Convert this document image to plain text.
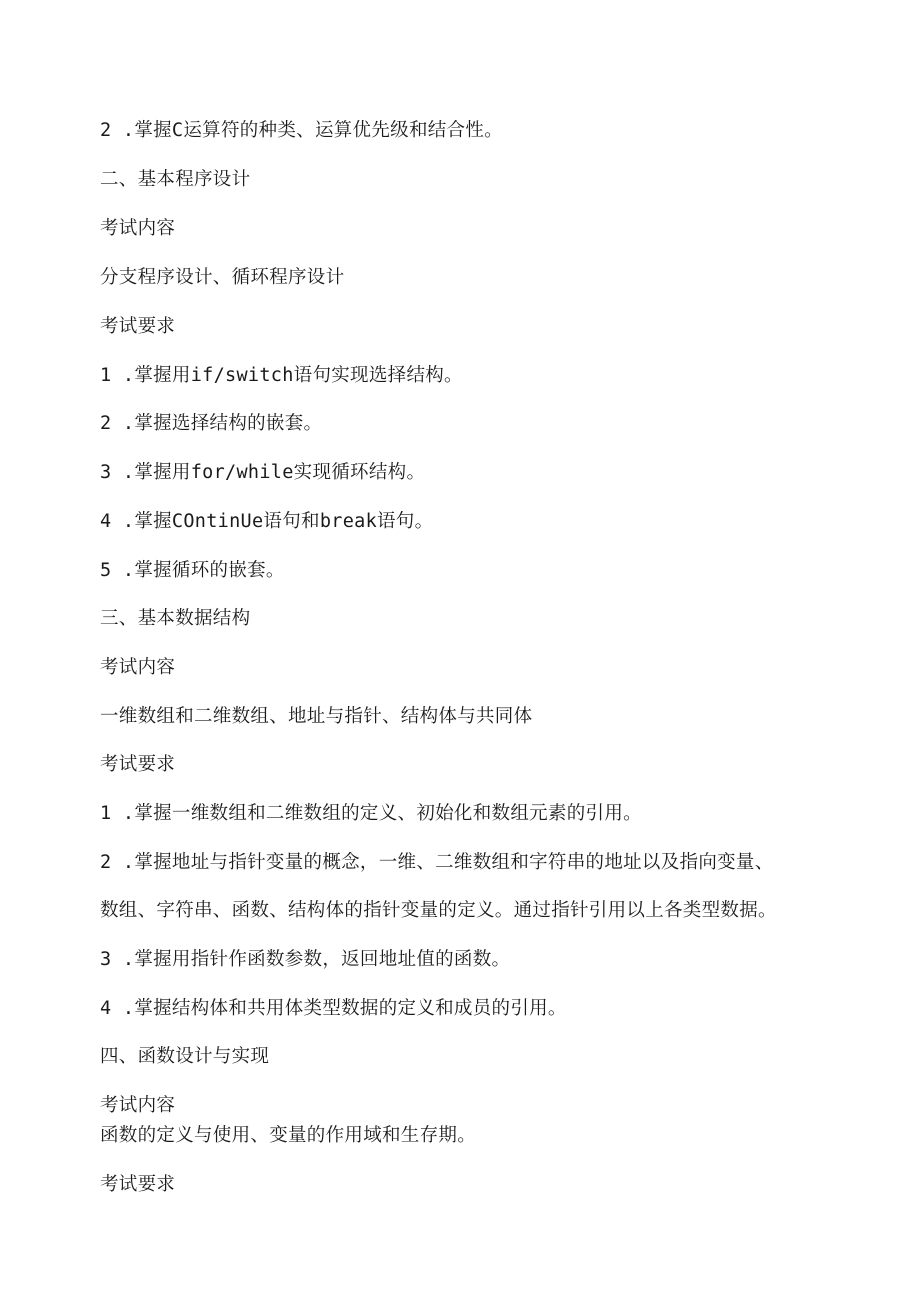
2 .掌握C运算符的种类、运算优先级和结合性。
二、基本程序设计
考试内容
分支程序设计、循环程序设计
考试要求
1 .掌握用if/switch语句实现选择结构。
2 .掌握选择结构的嵌套。
3 .掌握用for/while实现循环结构。
4 .掌握COntinUe语句和break语句。
5 .掌握循环的嵌套。
三、基本数据结构
考试内容
一维数组和二维数组、地址与指针、结构体与共同体
考试要求
1 .掌握一维数组和二维数组的定义、初始化和数组元素的引用。
2 .掌握地址与指针变量的概念，一维、二维数组和字符串的地址以及指向变量、
数组、字符串、函数、结构体的指针变量的定义。通过指针引用以上各类型数据。
3 .掌握用指针作函数参数，返回地址值的函数。
4 .掌握结构体和共用体类型数据的定义和成员的引用。
四、函数设计与实现
考试内容
函数的定义与使用、变量的作用域和生存期。
考试要求
